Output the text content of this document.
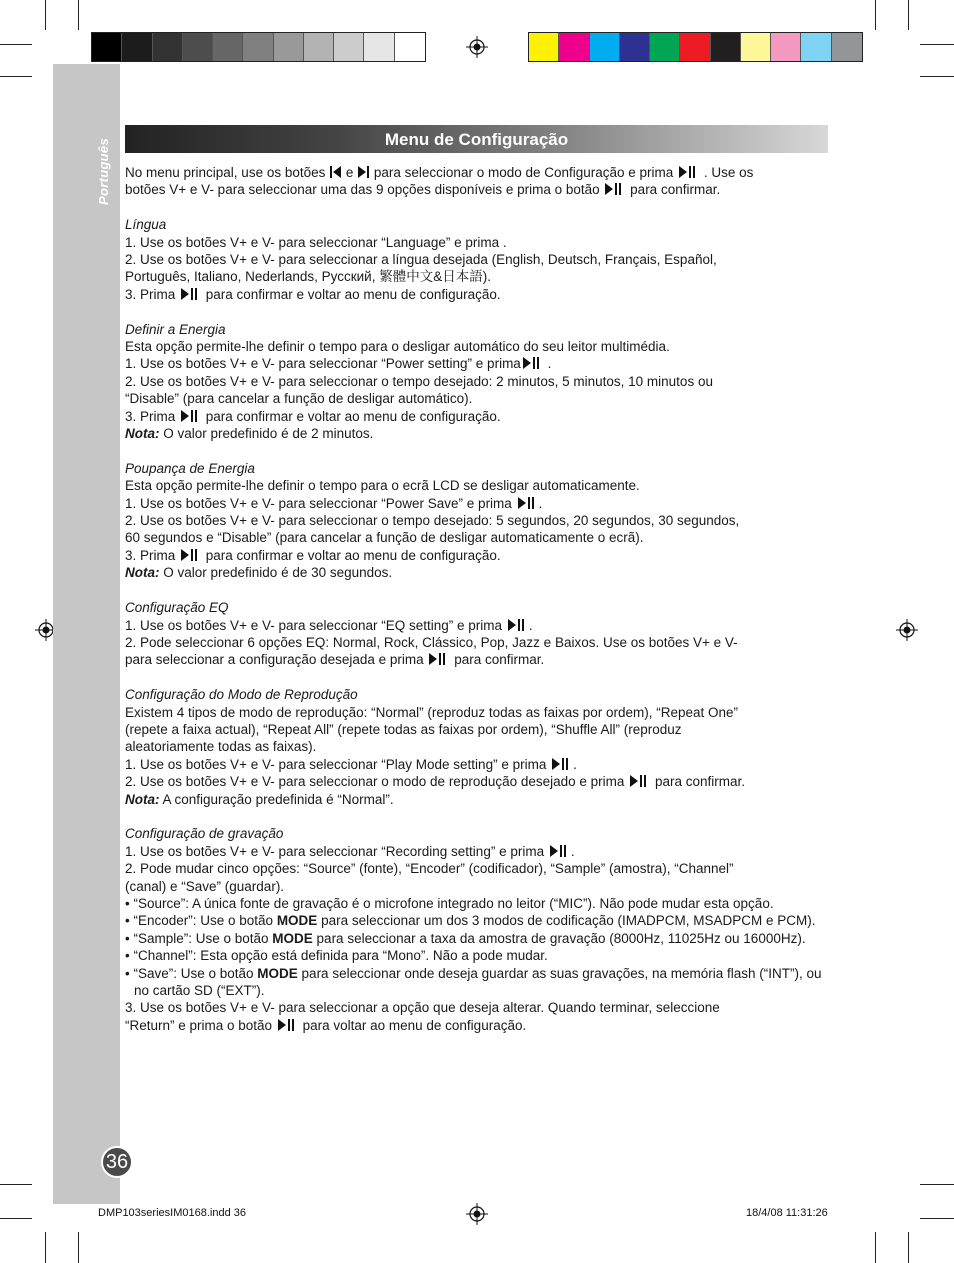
Português
36
Menu de Configuração

No menu principal, use os botões
e
para seleccionar o modo de Configuração e prima
. Use os

botões V+ e V- para seleccionar uma das 9 opções disponíveis e prima o botão
para confirmar.

Língua

1. Use os botões V+ e V- para seleccionar “Language” e prima .

2. Use os botões V+ e V- para seleccionar a língua desejada (English, Deutsch, Français, Español,

Português, Italiano, Nederlands, Русский, 繁體中文&日本語).

3. Prima
para confirmar e voltar ao menu de configuração.

Definir a Energia

Esta opção permite-lhe definir o tempo para o desligar automático do seu leitor multimédia.

1. Use os botões V+ e V- para seleccionar “Power setting” e prima
.

2. Use os botões V+ e V- para seleccionar o tempo desejado: 2 minutos, 5 minutos, 10 minutos ou

“Disable” (para cancelar a função de desligar automático).

3. Prima
para confirmar e voltar ao menu de configuração.

Nota: O valor predefinido é de 2 minutos.

Poupança de Energia

Esta opção permite-lhe definir o tempo para o ecrã LCD se desligar automaticamente.

1. Use os botões V+ e V- para seleccionar “Power Save” e prima
.

2. Use os botões V+ e V- para seleccionar o tempo desejado: 5 segundos, 20 segundos, 30 segundos,

60 segundos e “Disable” (para cancelar a função de desligar automaticamente o ecrã).

3. Prima
para confirmar e voltar ao menu de configuração.

Nota: O valor predefinido é de 30 segundos.

Configuração EQ

1. Use os botões V+ e V- para seleccionar “EQ setting” e prima
.

2. Pode seleccionar 6 opções EQ: Normal, Rock, Clássico, Pop, Jazz e Baixos. Use os botões V+ e V-

para seleccionar a configuração desejada e prima
para confirmar.

Configuração do Modo de Reprodução

Existem 4 tipos de modo de reprodução: “Normal” (reproduz todas as faixas por ordem), “Repeat One”

(repete a faixa actual), “Repeat All” (repete todas as faixas por ordem), “Shuffle All” (reproduz

aleatoriamente todas as faixas).

1. Use os botões V+ e V- para seleccionar “Play Mode setting” e prima
.

2. Use os botões V+ e V- para seleccionar o modo de reprodução desejado e prima
para confirmar.

Nota: A configuração predefinida é “Normal”.

Configuração de gravação

1. Use os botões V+ e V- para seleccionar “Recording setting” e prima
.

2. Pode mudar cinco opções: “Source” (fonte), “Encoder” (codificador), “Sample” (amostra), “Channel”

(canal) e “Save” (guardar).

• “Source”: A única fonte de gravação é o microfone integrado no leitor (“MIC”). Não pode mudar esta opção.

• “Encoder”: Use o botão MODE para seleccionar um dos 3 modos de codificação (IMADPCM, MSADPCM e PCM).

• “Sample”: Use o botão MODE para seleccionar a taxa da amostra de gravação (8000Hz, 11025Hz ou 16000Hz).

• “Channel”: Esta opção está definida para “Mono”. Não a pode mudar.

• “Save”: Use o botão MODE para seleccionar onde deseja guardar as suas gravações, na memória flash (“INT”), ou no cartão SD (“EXT”).

3. Use os botões V+ e V- para seleccionar a opção que deseja alterar. Quando terminar, seleccione

“Return” e prima o botão
para voltar ao menu de configuração.

DMP103seriesIM0168.indd 36	18/4/08 11:31:26
